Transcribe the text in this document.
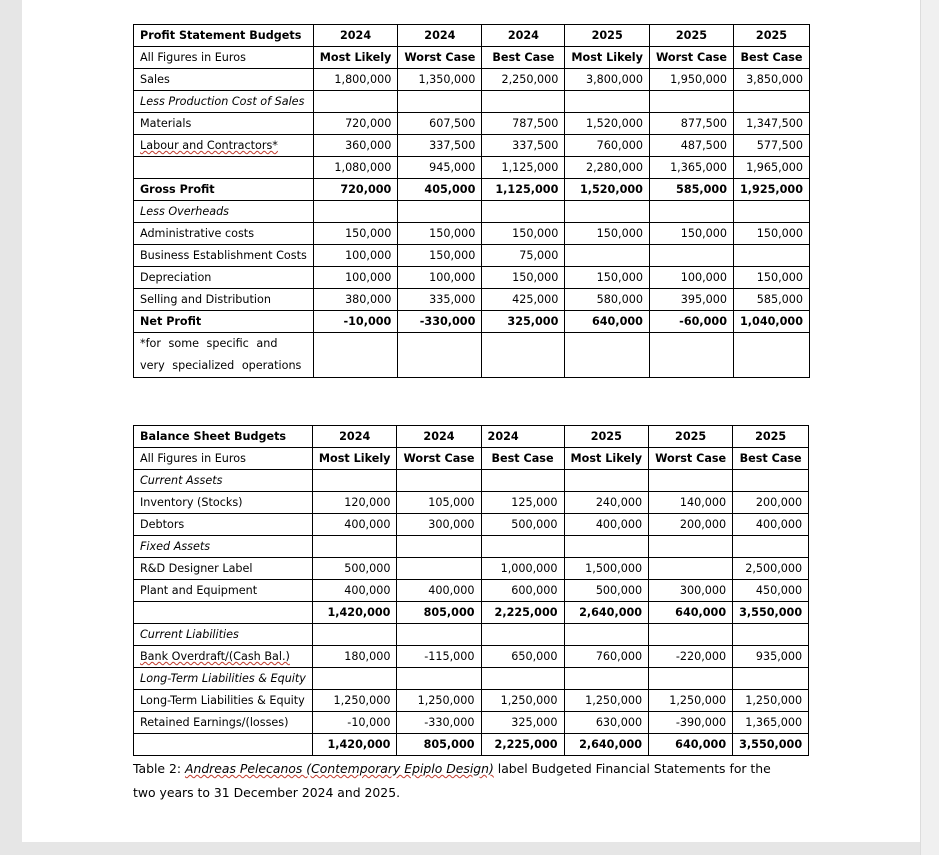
Profit Statement Budgets	2024	2024	2024	2025	2025	2025
All Figures in Euros	Most Likely	Worst Case	Best Case	Most Likely	Worst Case	Best Case
Sales	1,800,000	1,350,000	2,250,000	3,800,000	1,950,000	3,850,000
Less Production Cost of Sales						
Materials	720,000	607,500	787,500	1,520,000	877,500	1,347,500
Labour and Contractors*	360,000	337,500	337,500	760,000	487,500	577,500
	1,080,000	945,000	1,125,000	2,280,000	1,365,000	1,965,000
Gross Profit	720,000	405,000	1,125,000	1,520,000	585,000	1,925,000
Less Overheads						
Administrative costs	150,000	150,000	150,000	150,000	150,000	150,000
Business Establishment Costs	100,000	150,000	75,000			
Depreciation	100,000	100,000	150,000	150,000	100,000	150,000
Selling and Distribution	380,000	335,000	425,000	580,000	395,000	585,000
Net Profit	-10,000	-330,000	325,000	640,000	-60,000	1,040,000
*for some specific and very specialized operations						
Balance Sheet Budgets	2024	2024	2024	2025	2025	2025
All Figures in Euros	Most Likely	Worst Case	Best Case	Most Likely	Worst Case	Best Case
Current Assets						
Inventory (Stocks)	120,000	105,000	125,000	240,000	140,000	200,000
Debtors	400,000	300,000	500,000	400,000	200,000	400,000
Fixed Assets						
R&D Designer Label	500,000		1,000,000	1,500,000		2,500,000
Plant and Equipment	400,000	400,000	600,000	500,000	300,000	450,000
	1,420,000	805,000	2,225,000	2,640,000	640,000	3,550,000
Current Liabilities						
Bank Overdraft/(Cash Bal.)	180,000	-115,000	650,000	760,000	-220,000	935,000
Long-Term Liabilities & Equity						
Long-Term Liabilities & Equity	1,250,000	1,250,000	1,250,000	1,250,000	1,250,000	1,250,000
Retained Earnings/(losses)	-10,000	-330,000	325,000	630,000	-390,000	1,365,000
	1,420,000	805,000	2,225,000	2,640,000	640,000	3,550,000
Table 2: Andreas Pelecanos (Contemporary Epiplo Design) label Budgeted Financial Statements for the two years to 31 December 2024 and 2025.
